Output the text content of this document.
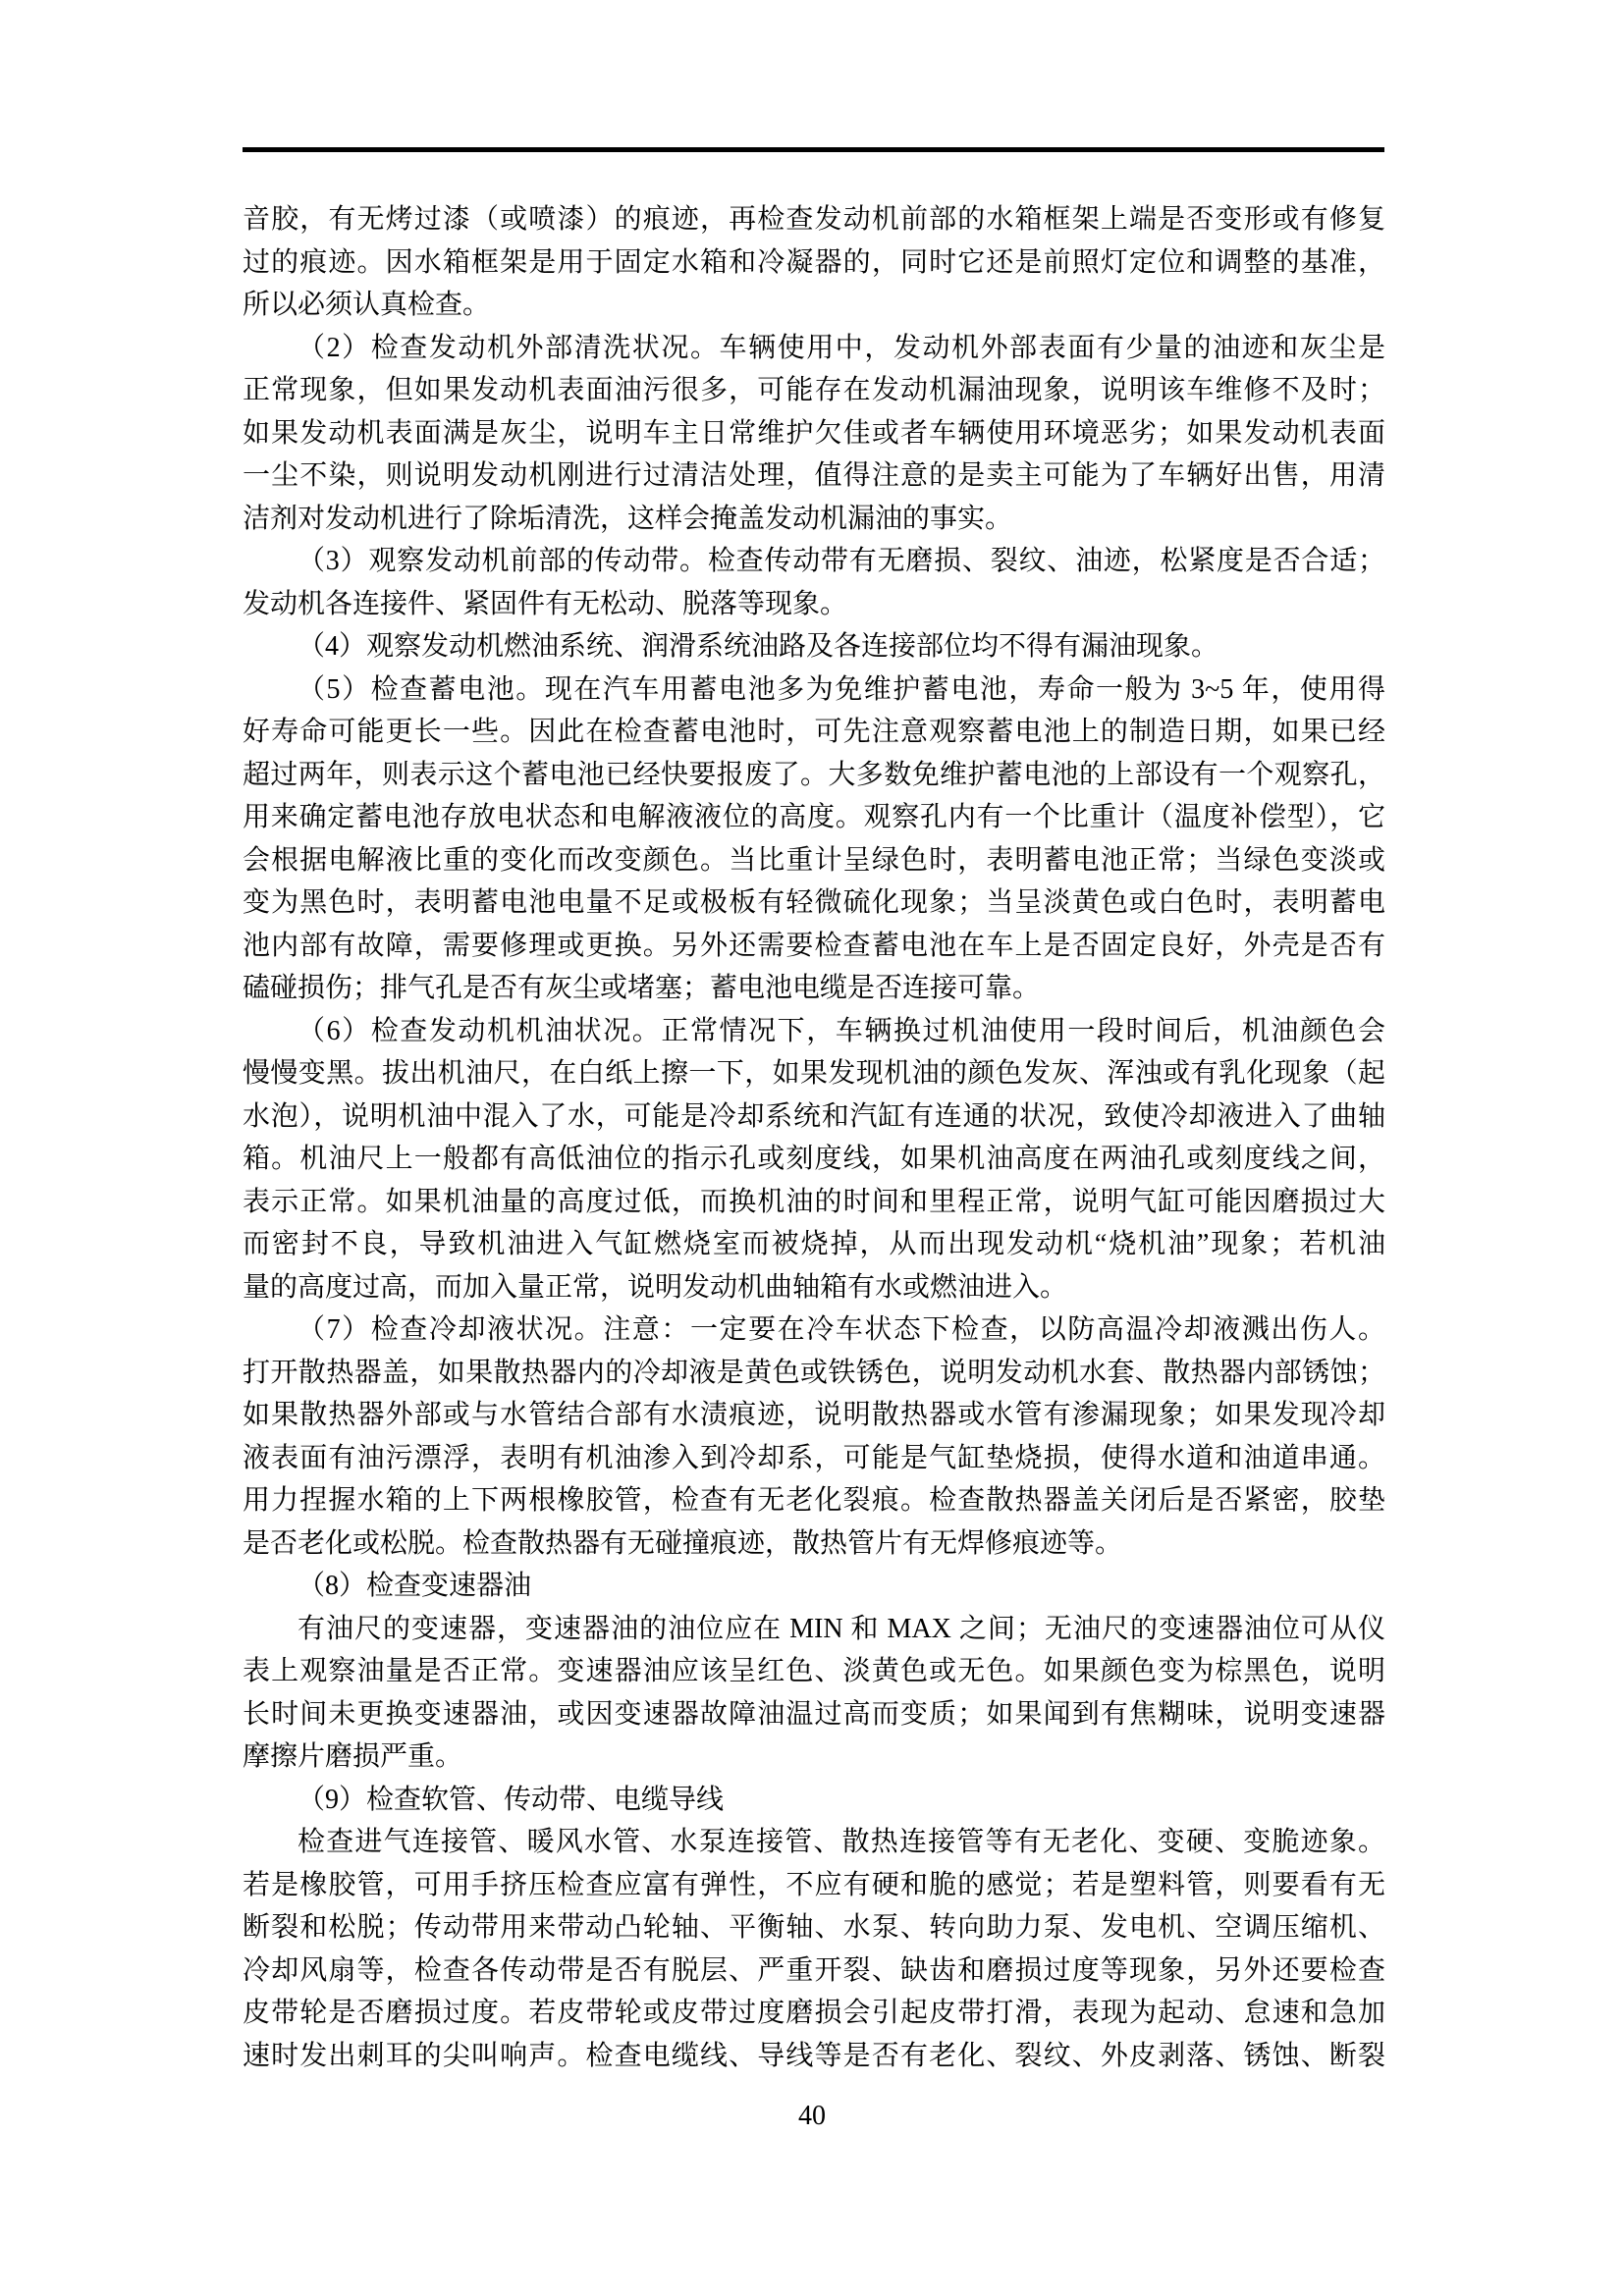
音胶，有无烤过漆（或喷漆）的痕迹，再检查发动机前部的水箱框架上端是否变形或有修复
过的痕迹。因水箱框架是用于固定水箱和冷凝器的，同时它还是前照灯定位和调整的基准，
所以必须认真检查。
（2）检查发动机外部清洗状况。车辆使用中，发动机外部表面有少量的油迹和灰尘是
正常现象，但如果发动机表面油污很多，可能存在发动机漏油现象，说明该车维修不及时；
如果发动机表面满是灰尘，说明车主日常维护欠佳或者车辆使用环境恶劣；如果发动机表面
一尘不染，则说明发动机刚进行过清洁处理，值得注意的是卖主可能为了车辆好出售，用清
洁剂对发动机进行了除垢清洗，这样会掩盖发动机漏油的事实。
（3）观察发动机前部的传动带。检查传动带有无磨损、裂纹、油迹，松紧度是否合适；
发动机各连接件、紧固件有无松动、脱落等现象。
（4）观察发动机燃油系统、润滑系统油路及各连接部位均不得有漏油现象。
（5）检查蓄电池。现在汽车用蓄电池多为免维护蓄电池，寿命一般为 3~5 年，使用得
好寿命可能更长一些。因此在检查蓄电池时，可先注意观察蓄电池上的制造日期，如果已经
超过两年，则表示这个蓄电池已经快要报废了。大多数免维护蓄电池的上部设有一个观察孔，
用来确定蓄电池存放电状态和电解液液位的高度。观察孔内有一个比重计（温度补偿型），它
会根据电解液比重的变化而改变颜色。当比重计呈绿色时，表明蓄电池正常；当绿色变淡或
变为黑色时，表明蓄电池电量不足或极板有轻微硫化现象；当呈淡黄色或白色时，表明蓄电
池内部有故障，需要修理或更换。另外还需要检查蓄电池在车上是否固定良好，外壳是否有
磕碰损伤；排气孔是否有灰尘或堵塞；蓄电池电缆是否连接可靠。
（6）检查发动机机油状况。正常情况下，车辆换过机油使用一段时间后，机油颜色会
慢慢变黑。拔出机油尺，在白纸上擦一下，如果发现机油的颜色发灰、浑浊或有乳化现象（起
水泡），说明机油中混入了水，可能是冷却系统和汽缸有连通的状况，致使冷却液进入了曲轴
箱。机油尺上一般都有高低油位的指示孔或刻度线，如果机油高度在两油孔或刻度线之间，
表示正常。如果机油量的高度过低，而换机油的时间和里程正常，说明气缸可能因磨损过大
而密封不良，导致机油进入气缸燃烧室而被烧掉，从而出现发动机“烧机油”现象；若机油
量的高度过高，而加入量正常，说明发动机曲轴箱有水或燃油进入。
（7）检查冷却液状况。注意：一定要在冷车状态下检查，以防高温冷却液溅出伤人。
打开散热器盖，如果散热器内的冷却液是黄色或铁锈色，说明发动机水套、散热器内部锈蚀；
如果散热器外部或与水管结合部有水渍痕迹，说明散热器或水管有渗漏现象；如果发现冷却
液表面有油污漂浮，表明有机油渗入到冷却系，可能是气缸垫烧损，使得水道和油道串通。
用力捏握水箱的上下两根橡胶管，检查有无老化裂痕。检查散热器盖关闭后是否紧密，胶垫
是否老化或松脱。检查散热器有无碰撞痕迹，散热管片有无焊修痕迹等。
（8）检查变速器油
有油尺的变速器，变速器油的油位应在 MIN 和 MAX 之间；无油尺的变速器油位可从仪
表上观察油量是否正常。变速器油应该呈红色、淡黄色或无色。如果颜色变为棕黑色，说明
长时间未更换变速器油，或因变速器故障油温过高而变质；如果闻到有焦糊味，说明变速器
摩擦片磨损严重。
（9）检查软管、传动带、电缆导线
检查进气连接管、暖风水管、水泵连接管、散热连接管等有无老化、变硬、变脆迹象。
若是橡胶管，可用手挤压检查应富有弹性，不应有硬和脆的感觉；若是塑料管，则要看有无
断裂和松脱；传动带用来带动凸轮轴、平衡轴、水泵、转向助力泵、发电机、空调压缩机、
冷却风扇等，检查各传动带是否有脱层、严重开裂、缺齿和磨损过度等现象，另外还要检查
皮带轮是否磨损过度。若皮带轮或皮带过度磨损会引起皮带打滑，表现为起动、怠速和急加
速时发出刺耳的尖叫响声。检查电缆线、导线等是否有老化、裂纹、外皮剥落、锈蚀、断裂
40
